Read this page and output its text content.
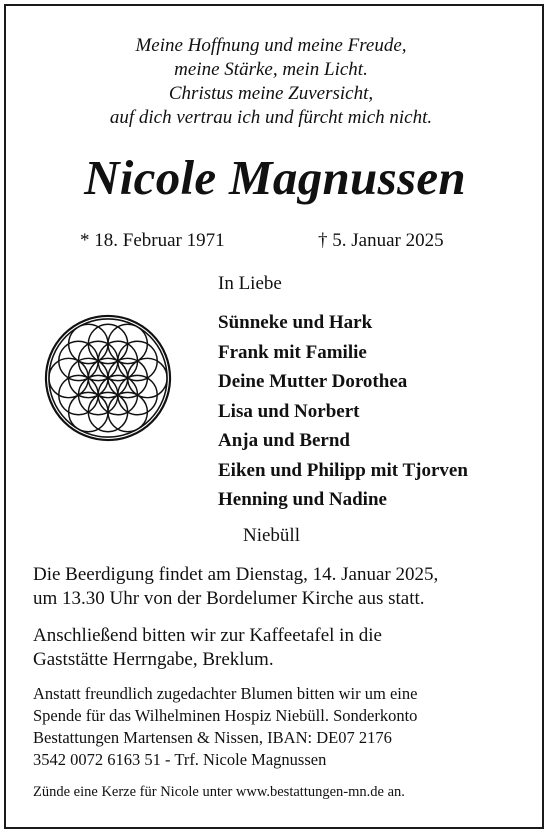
Meine Hoffnung und meine Freude,
meine Stärke, mein Licht.
Christus meine Zuversicht,
auf dich vertrau ich und fürcht mich nicht.
Nicole Magnussen
* 18. Februar 1971	† 5. Januar 2025
In Liebe
Sünneke und Hark
Frank mit Familie
Deine Mutter Dorothea
Lisa und Norbert
Anja und Bernd
Eiken und Philipp mit Tjorven
Henning und Nadine
Niebüll
Die Beerdigung findet am Dienstag, 14. Januar 2025,
um 13.30 Uhr von der Bordelumer Kirche aus statt.
Anschließend bitten wir zur Kaffeetafel in die
Gaststätte Herrngabe, Breklum.
Anstatt freundlich zugedachter Blumen bitten wir um eine
Spende für das Wilhelminen Hospiz Niebüll. Sonderkonto
Bestattungen Martensen & Nissen, IBAN: DE07 2176
3542 0072 6163 51 - Trf. Nicole Magnussen
Zünde eine Kerze für Nicole unter www.bestattungen-mn.de an.
